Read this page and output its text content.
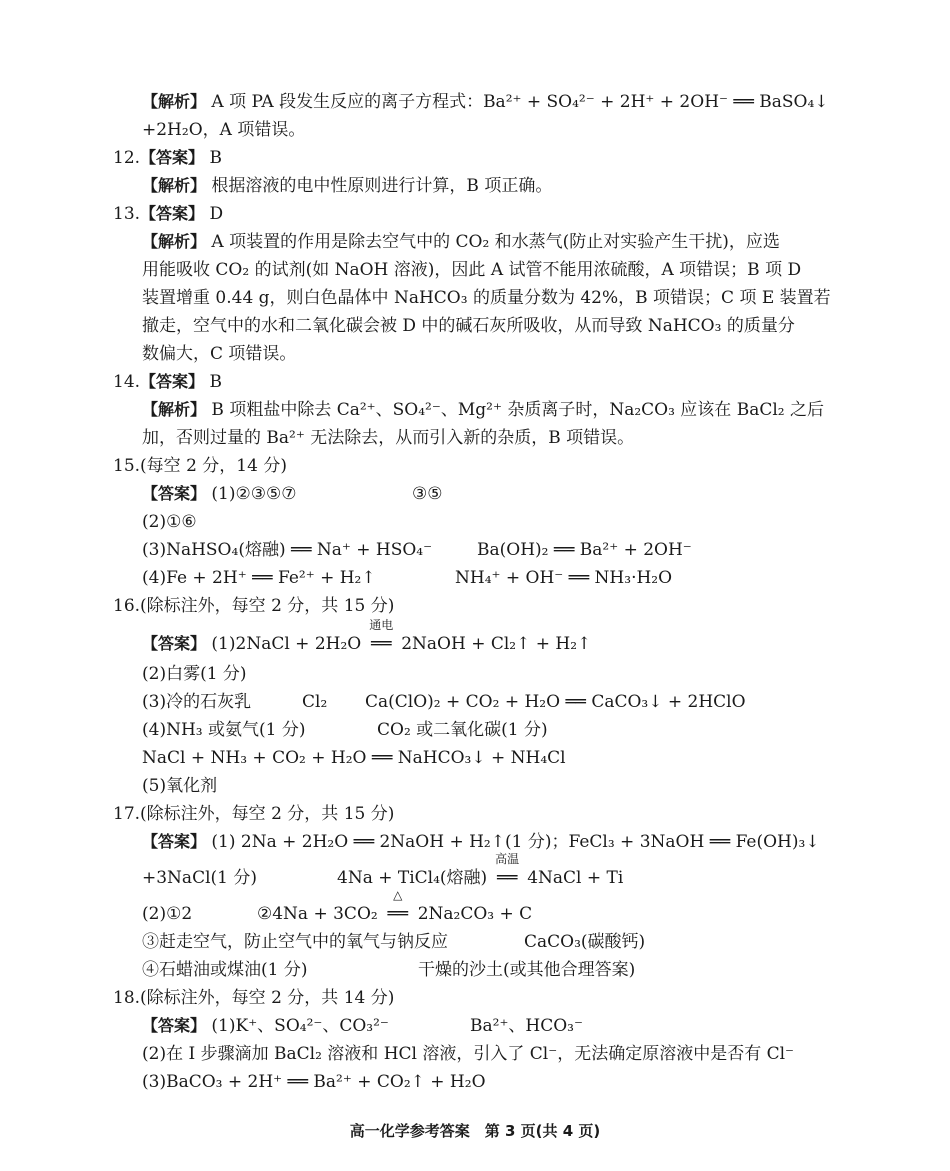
【解析】 A 项 PA 段发生反应的离子方程式：Ba²⁺ + SO₄²⁻ + 2H⁺ + 2OH⁻ ══ BaSO₄↓
+2H₂O，A 项错误。
12.【答案】 B
【解析】 根据溶液的电中性原则进行计算，B 项正确。
13.【答案】 D
【解析】 A 项装置的作用是除去空气中的 CO₂ 和水蒸气(防止对实验产生干扰)，应选
用能吸收 CO₂ 的试剂(如 NaOH 溶液)，因此 A 试管不能用浓硫酸，A 项错误；B 项 D
装置增重 0.44 g，则白色晶体中 NaHCO₃ 的质量分数为 42%，B 项错误；C 项 E 装置若
撤走，空气中的水和二氧化碳会被 D 中的碱石灰所吸收，从而导致 NaHCO₃ 的质量分
数偏大，C 项错误。
14.【答案】 B
【解析】 B 项粗盐中除去 Ca²⁺、SO₄²⁻、Mg²⁺ 杂质离子时，Na₂CO₃ 应该在 BaCl₂ 之后
加，否则过量的 Ba²⁺ 无法除去，从而引入新的杂质，B 项错误。
15.(每空 2 分，14 分)
【答案】 (1)②③⑤⑦	③⑤
(2)①⑥
(3)NaHSO₄(熔融) ══ Na⁺ + HSO₄⁻	Ba(OH)₂ ══ Ba²⁺ + 2OH⁻
(4)Fe + 2H⁺ ══ Fe²⁺ + H₂↑	NH₄⁺ + OH⁻ ══ NH₃·H₂O
16.(除标注外，每空 2 分，共 15 分)
【答案】 (1)2NaCl + 2H₂O
通电
══ 2NaOH + Cl₂↑ + H₂↑
(2)白雾(1 分)
(3)冷的石灰乳	Cl₂ Ca(ClO)₂ + CO₂ + H₂O ══ CaCO₃↓ + 2HClO
(4)NH₃ 或氨气(1 分)	CO₂ 或二氧化碳(1 分)
NaCl + NH₃ + CO₂ + H₂O ══ NaHCO₃↓ + NH₄Cl
(5)氧化剂
17.(除标注外，每空 2 分，共 15 分)
【答案】 (1) 2Na + 2H₂O ══ 2NaOH + H₂↑(1 分)；FeCl₃ + 3NaOH ══ Fe(OH)₃↓
+3NaCl(1 分)	4Na + TiCl₄(熔融)
高温
══ 4NaCl + Ti
(2)①2	②4Na + 3CO₂
△
══ 2Na₂CO₃ + C
③赶走空气，防止空气中的氧气与钠反应	CaCO₃(碳酸钙)
④石蜡油或煤油(1 分)	干燥的沙土(或其他合理答案)
18.(除标注外，每空 2 分，共 14 分)
【答案】 (1)K⁺、SO₄²⁻、CO₃²⁻	Ba²⁺、HCO₃⁻
(2)在 Ⅰ 步骤滴加 BaCl₂ 溶液和 HCl 溶液，引入了 Cl⁻，无法确定原溶液中是否有 Cl⁻
(3)BaCO₃ + 2H⁺ ══ Ba²⁺ + CO₂↑ + H₂O
高一化学参考答案　第 3 页(共 4 页)
